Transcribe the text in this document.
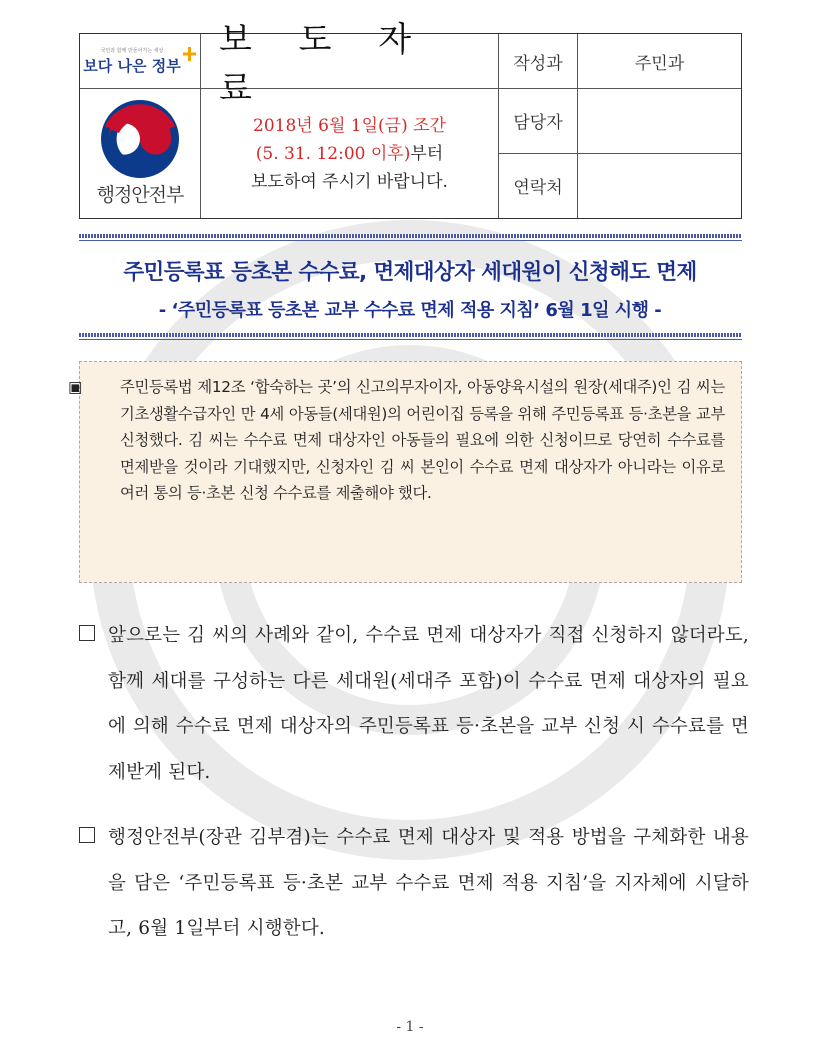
국민과 함께 만들어가는 세상
보다 나은 정부
보 도 자 료
작성과	주민과
행정안전부
2018년 6월 1일(금) 조간
(5. 31. 12:00 이후)부터
보도하여 주시기 바랍니다.
담당자
연락처
주민등록표 등초본 수수료, 면제대상자 세대원이 신청해도 면제
- ‘주민등록표 등초본 교부 수수료 면제 적용 지침’ 6월 1일 시행 -
▣ 주민등록법 제12조 ‘합숙하는 곳’의 신고의무자이자, 아동양육시설의 원장(세대주)인 김 씨는 기초생활수급자인 만 4세 아동들(세대원)의 어린이집 등록을 위해 주민등록표 등·초본을 교부 신청했다. 김 씨는 수수료 면제 대상자인 아동들의 필요에 의한 신청이므로 당연히 수수료를 면제받을 것이라 기대했지만, 신청자인 김 씨 본인이 수수료 면제 대상자가 아니라는 이유로 여러 통의 등·초본 신청 수수료를 제출해야 했다.
앞으로는 김 씨의 사례와 같이, 수수료 면제 대상자가 직접 신청하지 않더라도, 함께 세대를 구성하는 다른 세대원(세대주 포함)이 수수료 면제 대상자의 필요에 의해 수수료 면제 대상자의 주민등록표 등·초본을 교부 신청 시 수수료를 면제받게 된다.
행정안전부(장관 김부겸)는 수수료 면제 대상자 및 적용 방법을 구체화한 내용을 담은 ‘주민등록표 등·초본 교부 수수료 면제 적용 지침’을 지자체에 시달하고, 6월 1일부터 시행한다.
- 1 -
